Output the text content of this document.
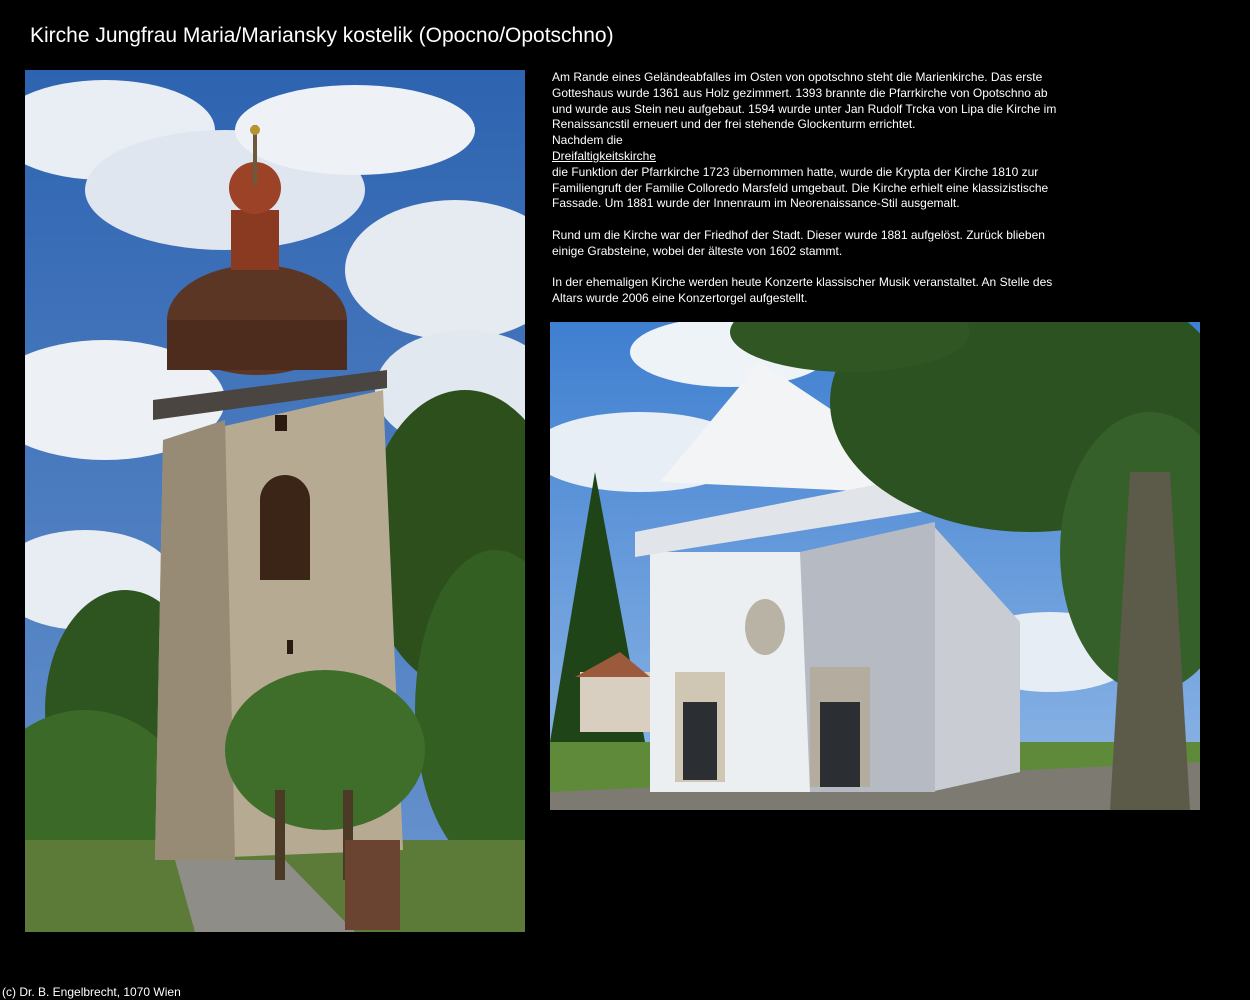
Kirche Jungfrau Maria/Mariansky kostelik (Opocno/Opotschno)

Am Rande eines Geländeabfalles im Osten von opotschno steht die Marienkirche. Das erste Gotteshaus wurde 1361 aus Holz gezimmert. 1393 brannte die Pfarrkirche von Opotschno ab und wurde aus Stein neu aufgebaut. 1594 wurde unter Jan Rudolf Trcka von Lipa die Kirche im Renaissancstil erneuert und der frei stehende Glockenturm errichtet.

Nachdem die

Dreifaltigkeitskirche

die Funktion der Pfarrkirche 1723 übernommen hatte, wurde die Krypta der Kirche 1810 zur Familiengruft der Familie Colloredo Marsfeld umgebaut. Die Kirche erhielt eine klassizistische Fassade. Um 1881 wurde der Innenraum im Neorenaissance-Stil ausgemalt.

Rund um die Kirche war der Friedhof der Stadt. Dieser wurde 1881 aufgelöst. Zurück blieben einige Grabsteine, wobei der älteste von 1602 stammt.

In der ehemaligen Kirche werden heute Konzerte klassischer Musik veranstaltet. An Stelle des Altars wurde 2006 eine Konzertorgel aufgestellt.

(c) Dr. B. Engelbrecht, 1070 Wien
